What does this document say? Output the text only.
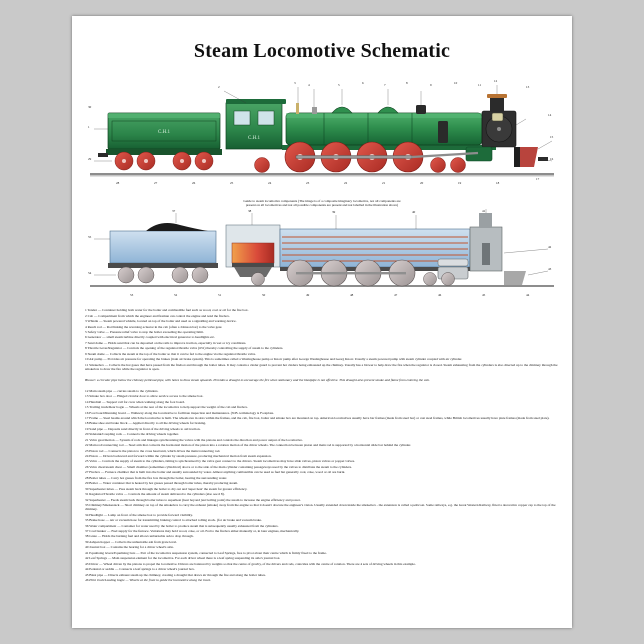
Steam Locomotive Schematic
C.H.1
C.H.1
1
2
3	4	5	6	7	8	9	10	11
12
13
14
15
16
17
18
19
20
21
22
23
24
25
26
27
28
29
30
Guide to steam locomotive components (The image is of a composite imaginary locomotive, not all components are
present on all locomotives and not all possible components are present and not labelled in the illustration above)
37	38	39	40	41
42
43
44
45
46
47
48
49
50
51
52
53
54
55

1 Tender — Container holding both water for the boiler and combustible fuel such as wood, coal or oil for the fire box.

2 Cab — Compartment from which the engineer and fireman can control the engine and tend the firebox.

3 Whistle — Steam powered whistle, located on top of the boiler and used as a signalling and warning device.

4 Reach rod — Rod linking the reversing actuator in the cab (often a Johnson bar) to the valve gear.

5 Safety valve — Pressure relief valve to stop the boiler exceeding the operating limit.

6 Generator — small steam turbine directly coupled with electrical generator to headlights etc.

7 Sand dome — Holds sand that can be deposited on the rails to improve traction, especially in wet or icy conditions.

8 Throttle Lever/Regulator — Controls the opening of the regulator/throttle valve (#31) thereby controlling the supply of steam to the cylinders.

9 Steam dome — Collects the steam at the top of the boiler so that it can be fed to the engine via the regulator/throttle valve.

10 Air pump — Provides air pressure for operating the brakes (train air brake system). This is sometimes called a Westinghouse pump or Knorr pump after George Westinghouse and Georg Knorr. Usually a steam powered pump with steam cylinder coupled with air cylinder.

11 Smokebox — Collects the hot gases that have passed from the firebox and through the boiler tubes. It may contain a cinder guard to prevent hot cinders being exhausted up the chimney. Usually has a blower to help draw the fire when the regulator is closed. Steam exhausting from the cylinders is also directed up to the chimney through the smokebox to draw the fire while the regulator is open.

Blower: a circular pipe below the chimney petticoat pipe, with holes to blow steam upwards. Provides a draught to encourage the fire when stationary and the blastpipe is not effective. This draught also prevent smoke and flame from entering the cab.

12 Main steam pipe — carries steam to the cylinders.

13 Smoke box door — Hinged circular door to allow service access to the smoke box.

14 Handrail — Support rail for crew when walking along the foot board.

15 Trailing truck/Rear bogie — Wheels at the rear of the locomotive to help support the weight of the cab and firebox.

16 Foot board/Running board — Walkway along the locomotive to facilitate inspection and maintenance. (N.B. terminology is Footplate.

17 Frame — Steel beams around which the locomotive is built. The wheels run in slots within the frames, and the cab, fire box, boiler and smoke box are mounted on top. American locomotives usually have bar frames (made from steel bar) or cast steel frames, while British locomotives usually have plate frames (made from steel plate).

18 Brake shoe and brake block — Applied directly to all the driving wheels for braking.

19 Sand pipe — Deposits sand directly in front of the driving wheels to aid traction.

20 Sidetank/Coupling rods — Connects the driving wheels together.

21 Valve gear/motion — System of rods and linkages synchronising the valves with the pistons and controls the direction and power output of the locomotive.

22 Main rod/connecting rod — Steel arm that converts the horizontal motion of the piston into a rotation motion of the driver wheels. The connection between piston and main rod is supported by a horizontal slide bar behind the cylinder.

23 Piston rod — Connects the piston to the cross head unit, which drives the main/connecting rod.

24 Piston — Driven backward and forward within the cylinder by steam pressure, producing mechanical motion from steam expansion.

25 Valve — Controls the supply of steam to the cylinders, timing is synchronised by the valve gear connect to the drivers. Steam locomotives may have slide valves, piston valves or poppet valves.

26 Valve chest/steam chest — Small chamber (sometimes cylindrical) above or to the side of the main cylinder containing passageways used by the valves to distribute the steam to the cylinders.

27 Firebox — Furnace chamber that is built into the boiler and usually surrounded by water. Almost anything combustible can be used as fuel but generally coal, coke, wood or oil are burnt.

28 Boiler tubes — Carry hot gasses from the fire box through the boiler, heating the surrounding water.

29 Boiler — Water container that is heated by hot gasses passed through boiler tubes, thereby producing steam.

30 Superheater tubes — Pass steam back through the boiler to dry out and 'super heat' the steam for greater efficiency.

31 Regulator/Throttle valve — Controls the amount of steam delivered to the cylinders (also see # 8).

32 Superheater — Feeds steam back through boiler tubes to superheat (heat beyond just boiling point) the steam to increase the engine efficiency and power.

33 Chimney/Smokestack — Short chimney on top of the smokebox to carry the exhaust (smoke) away from the engine so that it doesn't obscure the engineer's vision. Usually extended down inside the smokebox - the extension is called a petticoat. Some railways, e.g. the Great Western Railway, fitted a decorative copper cap to the top of the chimney.

34 Headlight — Lamp on front of the smoke box to provide forward visibility.

35 Brake hose — Air or vacuum hose for transmitting braking control to attached rolling stock. (for air brake and vacuum brake.

36 Water compartment — Container for water used by the boiler to produce steam that is subsequently usually exhausted from the cylinders.

37 Coal bunker — Fuel supply for the furnace. Variations may hold wood, coke, or oil. Fed to the firebox either manually or, in later engines, mechanically.

38 Grate — Holds the burning fuel and allows unburnable ash to drop through.

39 Ashpan hopper — Collects the unburnable ash from grate level.

40 Journal box — Contains the bearing for a driver wheel's axle.

41 Equalising levers/Equalising bars — Part of the locomotive suspension system, connected to Leaf Springs, free to pivot about their centre which is firmly fixed to the frame.

42 Leaf Springs — Main suspension element for the locomotive. For each driver wheel there is a leaf spring suspending its axle's journal box.

43 Driver — Wheel driven by the pistons to propel the locomotive. Drivers are balanced by weights so that the centre of gravity, of the drivers and rods, coincides with the centre of rotation. There are 4 sets of driving wheels in this example.

44 Pedestal or saddle — Connects a leaf springs to a driver wheel's journal box.

45 Blast pipe — Directs exhaust steam up the chimney, creating a draught that draws air through the fire and along the boiler tubes.

46 Pilot truck/Leading bogie — Wheels at the front to guide the locomotive along the track.
